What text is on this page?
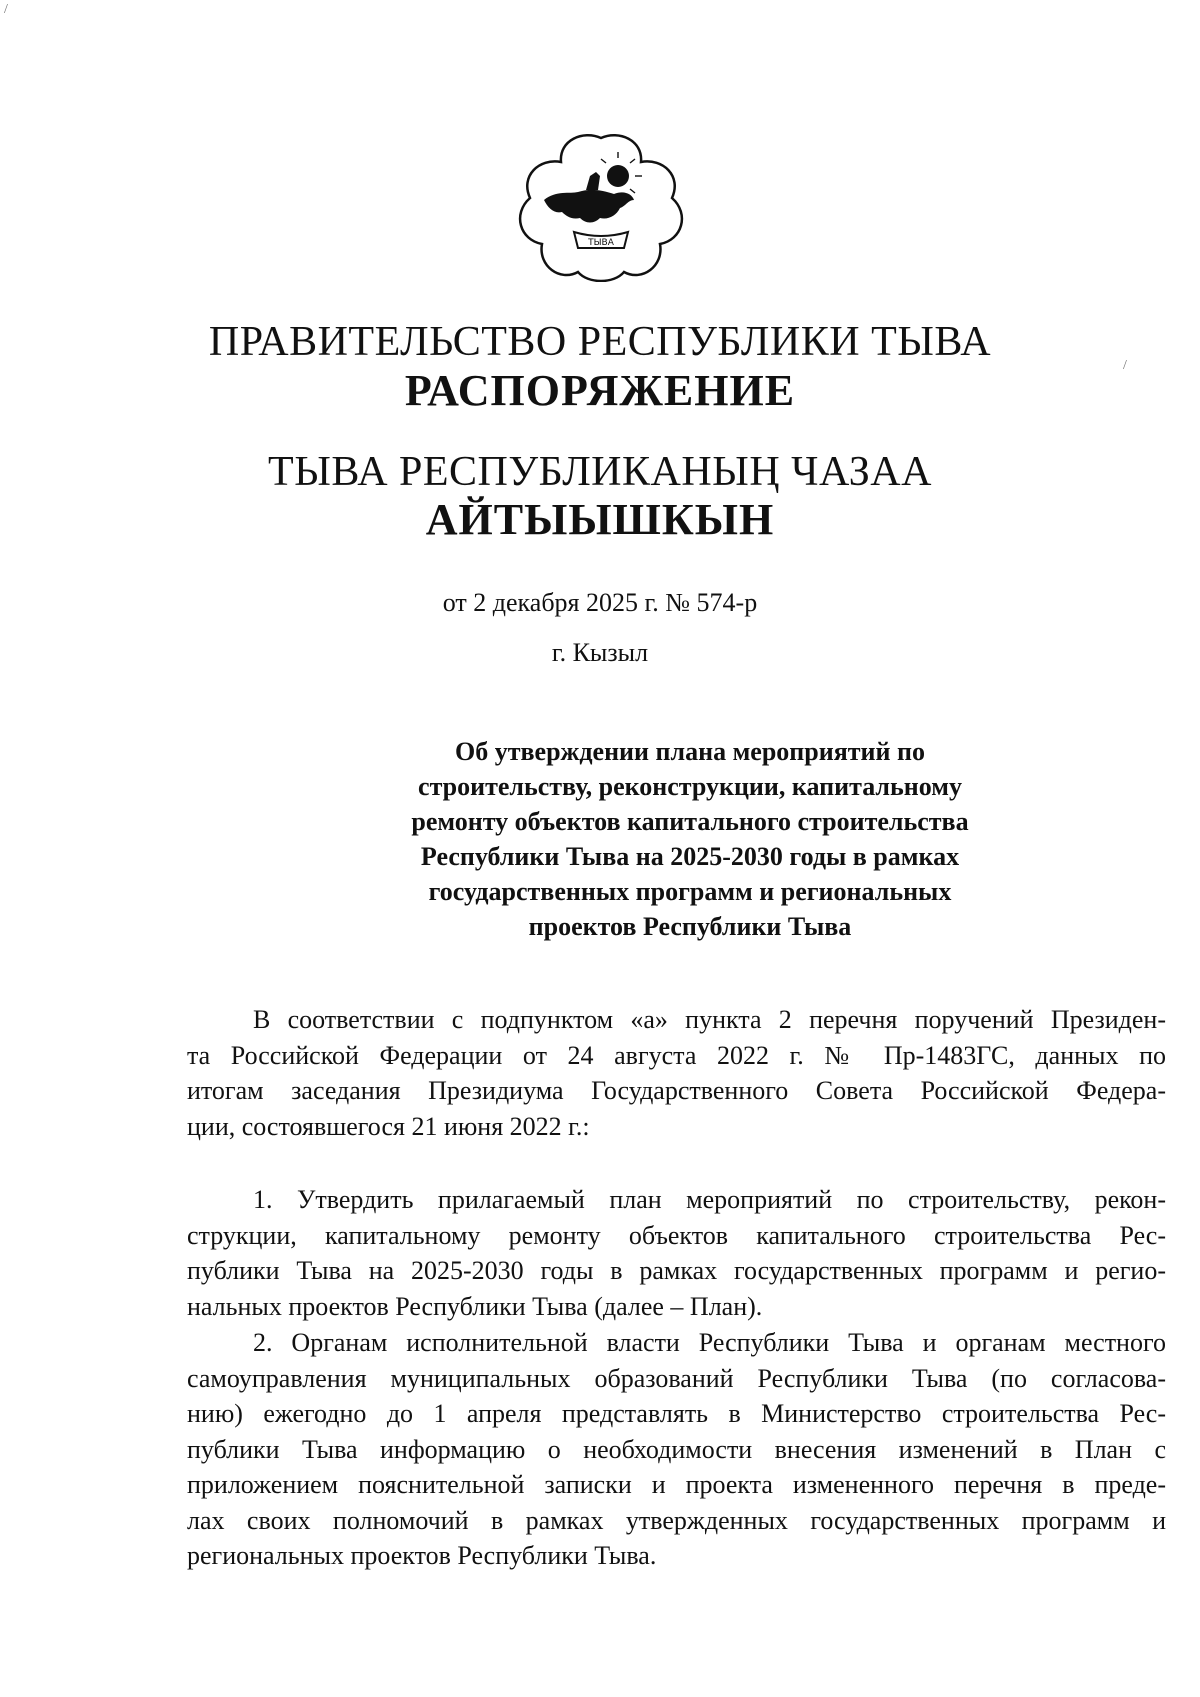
ТЫВА
ПРАВИТЕЛЬСТВО РЕСПУБЛИКИ ТЫВА
РАСПОРЯЖЕНИЕ
ТЫВА РЕСПУБЛИКАНЫҢ ЧАЗАА
АЙТЫЫШКЫН
от 2 декабря 2025 г. № 574-р
г. Кызыл
Об утверждении плана мероприятий по
строительству, реконструкции, капитальному
ремонту объектов капитального строительства
Республики Тыва на 2025-2030 годы в рамках
государственных программ и региональных
проектов Республики Тыва
В соответствии с подпунктом «а» пункта 2 перечня поручений Президен-
та Российской Федерации от 24 августа 2022 г. № Пр-1483ГС, данных по
итогам заседания Президиума Государственного Совета Российской Федера-
ции, состоявшегося 21 июня 2022 г.:
1. Утвердить прилагаемый план мероприятий по строительству, рекон-
струкции, капитальному ремонту объектов капитального строительства Рес-
публики Тыва на 2025-2030 годы в рамках государственных программ и регио-
нальных проектов Республики Тыва (далее – План).
2. Органам исполнительной власти Республики Тыва и органам местного
самоуправления муниципальных образований Республики Тыва (по согласова-
нию) ежегодно до 1 апреля представлять в Министерство строительства Рес-
публики Тыва информацию о необходимости внесения изменений в План с
приложением пояснительной записки и проекта измененного перечня в преде-
лах своих полномочий в рамках утвержденных государственных программ и
региональных проектов Республики Тыва.
/
/
